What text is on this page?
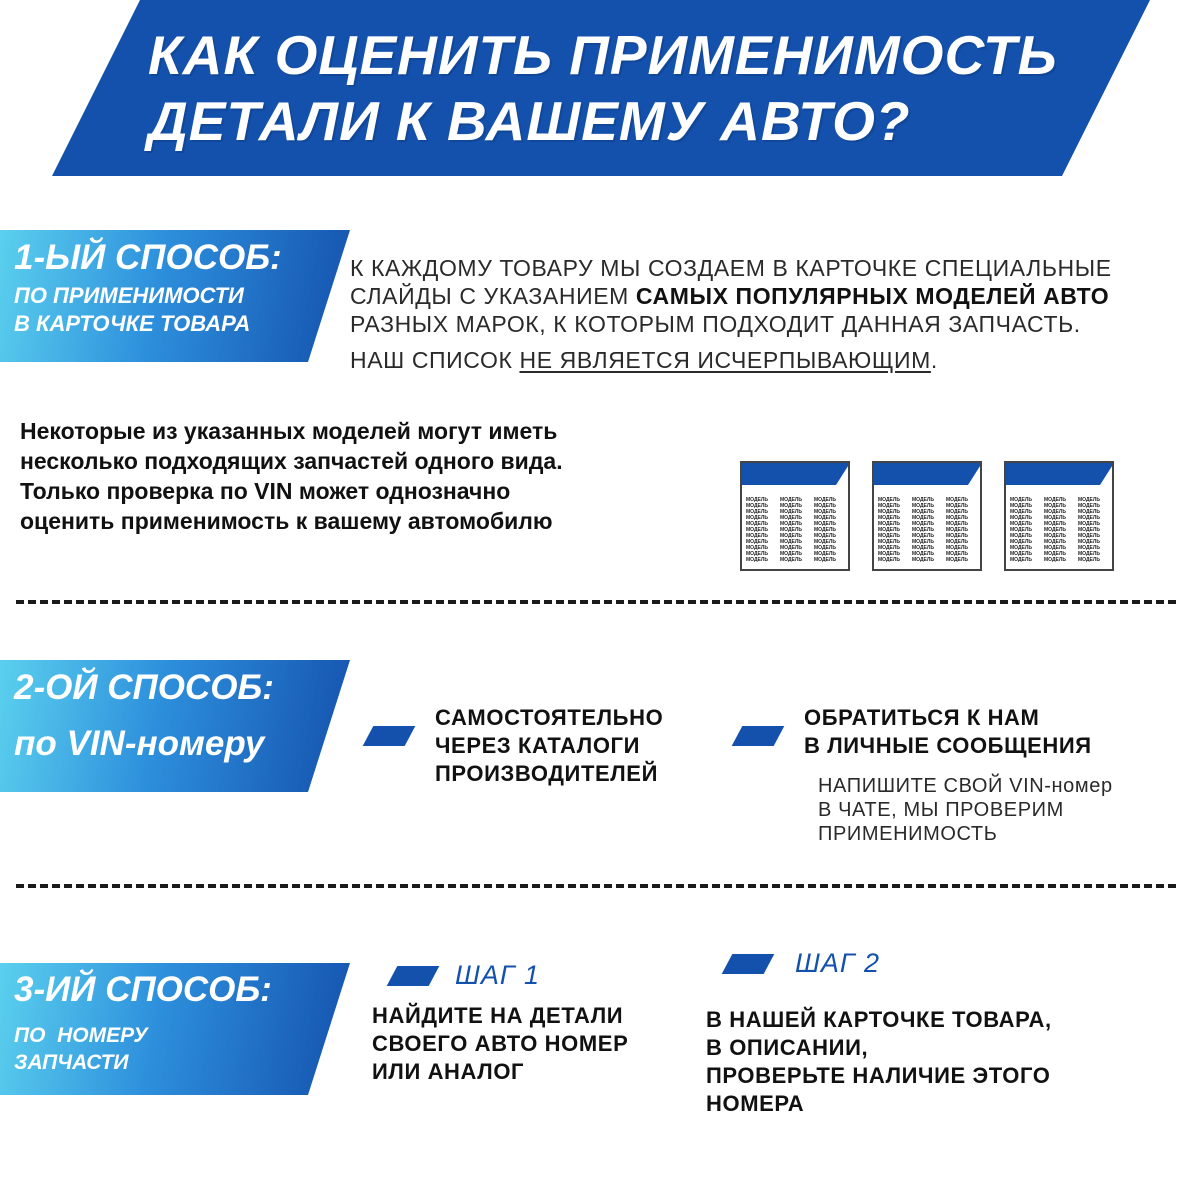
КАК ОЦЕНИТЬ ПРИМЕНИМОСТЬ
ДЕТАЛИ К ВАШЕМУ АВТО?
1-ЫЙ СПОСОБ:
ПО ПРИМЕНИМОСТИ
В КАРТОЧКЕ ТОВАРА
К КАЖДОМУ ТОВАРУ МЫ СОЗДАЕМ В КАРТОЧКЕ СПЕЦИАЛЬНЫЕ
СЛАЙДЫ С УКАЗАНИЕМ САМЫХ ПОПУЛЯРНЫХ МОДЕЛЕЙ АВТО
РАЗНЫХ МАРОК, К КОТОРЫМ ПОДХОДИТ ДАННАЯ ЗАПЧАСТЬ.
НАШ СПИСОК НЕ ЯВЛЯЕТСЯ ИСЧЕРПЫВАЮЩИМ.
Некоторые из указанных моделей могут иметь
несколько подходящих запчастей одного вида.
Только проверка по VIN может однозначно
оценить применимость к вашему автомобилю
МОДЕЛЬ	МОДЕЛЬ	МОДЕЛЬ
МОДЕЛЬ	МОДЕЛЬ	МОДЕЛЬ
МОДЕЛЬ	МОДЕЛЬ	МОДЕЛЬ
МОДЕЛЬ	МОДЕЛЬ	МОДЕЛЬ
МОДЕЛЬ	МОДЕЛЬ	МОДЕЛЬ
МОДЕЛЬ	МОДЕЛЬ	МОДЕЛЬ
МОДЕЛЬ	МОДЕЛЬ	МОДЕЛЬ
МОДЕЛЬ	МОДЕЛЬ	МОДЕЛЬ
МОДЕЛЬ	МОДЕЛЬ	МОДЕЛЬ
МОДЕЛЬ	МОДЕЛЬ	МОДЕЛЬ
МОДЕЛЬ	МОДЕЛЬ	МОДЕЛЬ
МОДЕЛЬ	МОДЕЛЬ	МОДЕЛЬ
МОДЕЛЬ	МОДЕЛЬ	МОДЕЛЬ
МОДЕЛЬ	МОДЕЛЬ	МОДЕЛЬ
МОДЕЛЬ	МОДЕЛЬ	МОДЕЛЬ
МОДЕЛЬ	МОДЕЛЬ	МОДЕЛЬ
МОДЕЛЬ	МОДЕЛЬ	МОДЕЛЬ
МОДЕЛЬ	МОДЕЛЬ	МОДЕЛЬ
МОДЕЛЬ	МОДЕЛЬ	МОДЕЛЬ
МОДЕЛЬ	МОДЕЛЬ	МОДЕЛЬ
МОДЕЛЬ	МОДЕЛЬ	МОДЕЛЬ
МОДЕЛЬ	МОДЕЛЬ	МОДЕЛЬ
МОДЕЛЬ	МОДЕЛЬ	МОДЕЛЬ
МОДЕЛЬ	МОДЕЛЬ	МОДЕЛЬ
МОДЕЛЬ	МОДЕЛЬ	МОДЕЛЬ
МОДЕЛЬ	МОДЕЛЬ	МОДЕЛЬ
МОДЕЛЬ	МОДЕЛЬ	МОДЕЛЬ
МОДЕЛЬ	МОДЕЛЬ	МОДЕЛЬ
МОДЕЛЬ	МОДЕЛЬ	МОДЕЛЬ
МОДЕЛЬ	МОДЕЛЬ	МОДЕЛЬ
МОДЕЛЬ	МОДЕЛЬ	МОДЕЛЬ
МОДЕЛЬ	МОДЕЛЬ	МОДЕЛЬ
МОДЕЛЬ	МОДЕЛЬ	МОДЕЛЬ
2-ОЙ СПОСОБ:
по VIN-номеру
САМОСТОЯТЕЛЬНО
ЧЕРЕЗ КАТАЛОГИ
ПРОИЗВОДИТЕЛЕЙ
ОБРАТИТЬСЯ К НАМ
В ЛИЧНЫЕ СООБЩЕНИЯ
НАПИШИТЕ СВОЙ VIN-номер
В ЧАТЕ, МЫ ПРОВЕРИМ
ПРИМЕНИМОСТЬ
3-ИЙ СПОСОБ:
ПО  НОМЕРУ
ЗАПЧАСТИ
ШАГ 1
НАЙДИТЕ НА ДЕТАЛИ
СВОЕГО АВТО НОМЕР
ИЛИ АНАЛОГ
ШАГ 2
В НАШЕЙ КАРТОЧКЕ ТОВАРА,
В ОПИСАНИИ,
ПРОВЕРЬТЕ НАЛИЧИЕ ЭТОГО
НОМЕРА
